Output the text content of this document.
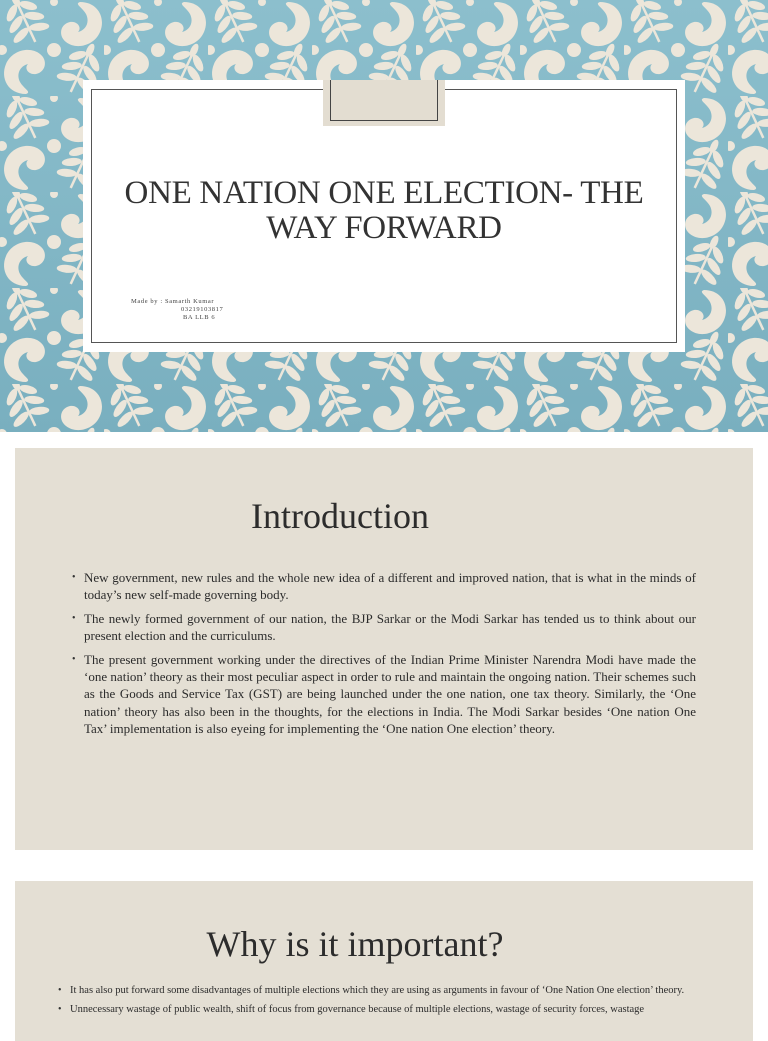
ONE NATION ONE ELECTION- THE WAY FORWARD
Made by : Samarth Kumar
03219103817
BA LLB 6
Introduction
• New government, new rules and the whole new idea of a different and improved nation, that is what in the minds of today’s new self-made governing body.
• The newly formed government of our nation, the BJP Sarkar or the Modi Sarkar has tended us to think about our present election and the curriculums.
• The present government working under the directives of the Indian Prime Minister Narendra Modi have made the ‘one nation’ theory as their most peculiar aspect in order to rule and maintain the ongoing nation. Their schemes such as the Goods and Service Tax (GST) are being launched under the one nation, one tax theory. Similarly, the ‘One nation’ theory has also been in the thoughts, for the elections in India. The Modi Sarkar besides ‘One nation One Tax’ implementation is also eyeing for implementing the ‘One nation One election’ theory.
Why is it important?
• It has also put forward some disadvantages of multiple elections which they are using as arguments in favour of ‘One Nation One election’ theory.
• Unnecessary wastage of public wealth, shift of focus from governance because of multiple elections, wastage of security forces, wastage
